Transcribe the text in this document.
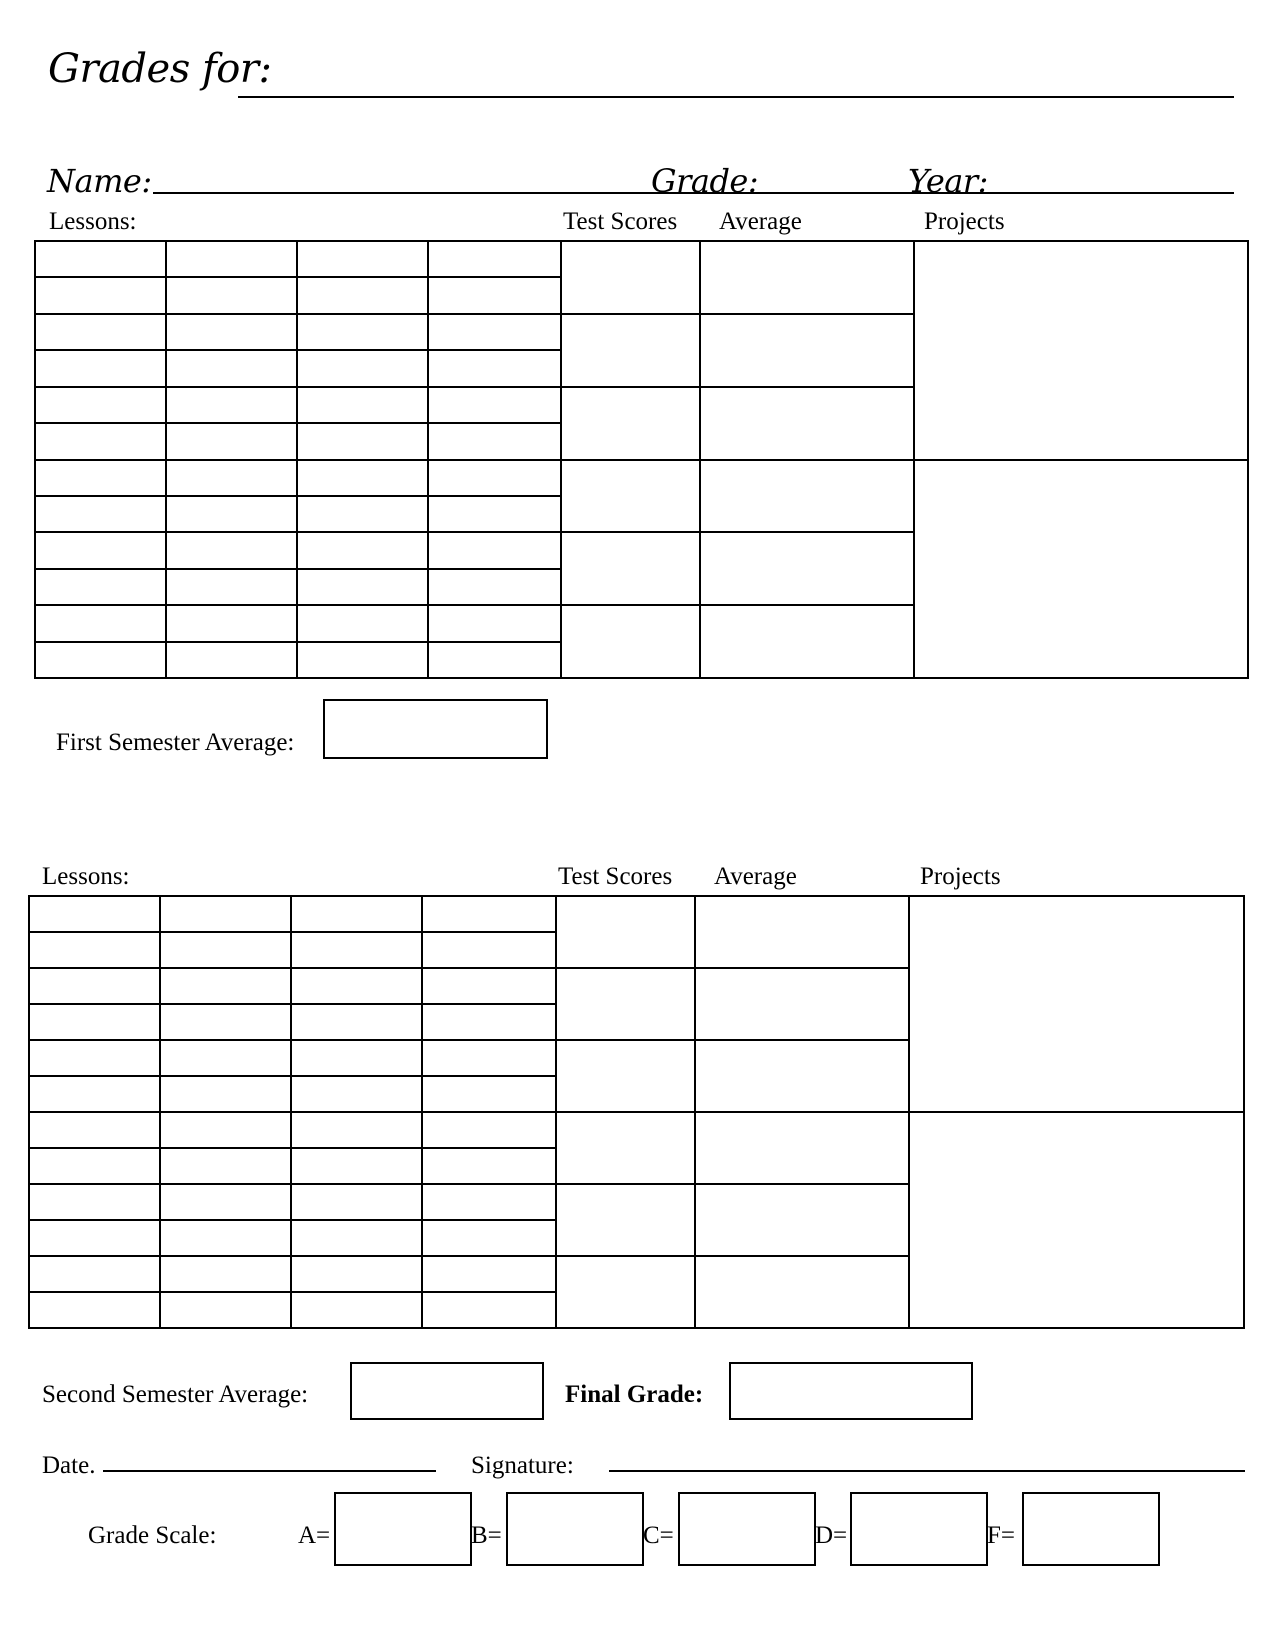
Grades for:
Name:	Grade:	Year:
Lessons:	Test Scores Average	Projects
First Semester Average:
Lessons:	Test Scores Average	Projects
Second Semester Average:	Final Grade:
Date.	Signature:
Grade Scale:	A=	B=	C=	D=	F=
